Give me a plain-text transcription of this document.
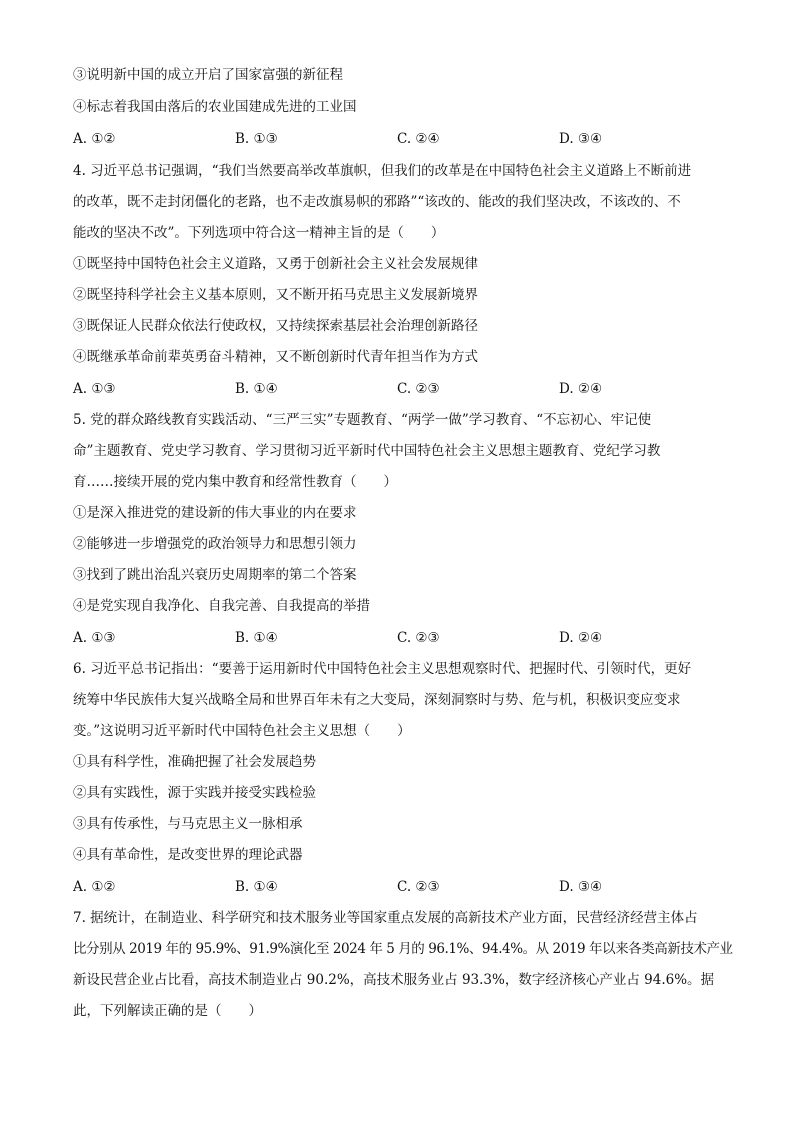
③说明新中国的成立开启了国家富强的新征程
④标志着我国由落后的农业国建成先进的工业国
A. ①②	B. ①③	C. ②④	D. ③④
4. 习近平总书记强调，“我们当然要高举改革旗帜，但我们的改革是在中国特色社会主义道路上不断前进
的改革，既不走封闭僵化的老路，也不走改旗易帜的邪路”“该改的、能改的我们坚决改，不该改的、不
能改的坚决不改”。下列选项中符合这一精神主旨的是（　　）
①既坚持中国特色社会主义道路，又勇于创新社会主义社会发展规律
②既坚持科学社会主义基本原则，又不断开拓马克思主义发展新境界
③既保证人民群众依法行使政权，又持续探索基层社会治理创新路径
④既继承革命前辈英勇奋斗精神，又不断创新时代青年担当作为方式
A. ①③	B. ①④	C. ②③	D. ②④
5. 党的群众路线教育实践活动、“三严三实”专题教育、“两学一做”学习教育、“不忘初心、牢记使
命”主题教育、党史学习教育、学习贯彻习近平新时代中国特色社会主义思想主题教育、党纪学习教
育……接续开展的党内集中教育和经常性教育（　　）
①是深入推进党的建设新的伟大事业的内在要求
②能够进一步增强党的政治领导力和思想引领力
③找到了跳出治乱兴衰历史周期率的第二个答案
④是党实现自我净化、自我完善、自我提高的举措
A. ①③	B. ①④	C. ②③	D. ②④
6. 习近平总书记指出：“要善于运用新时代中国特色社会主义思想观察时代、把握时代、引领时代，更好
统筹中华民族伟大复兴战略全局和世界百年未有之大变局，深刻洞察时与势、危与机，积极识变应变求
变。”这说明习近平新时代中国特色社会主义思想（　　）
①具有科学性，准确把握了社会发展趋势
②具有实践性，源于实践并接受实践检验
③具有传承性，与马克思主义一脉相承
④具有革命性，是改变世界的理论武器
A. ①②	B. ①④	C. ②③	D. ③④
7. 据统计，在制造业、科学研究和技术服务业等国家重点发展的高新技术产业方面，民营经济经营主体占
比分别从 2019 年的 95.9%、91.9%演化至 2024 年 5 月的 96.1%、94.4%。从 2019 年以来各类高新技术产业
新设民营企业占比看，高技术制造业占 90.2%，高技术服务业占 93.3%，数字经济核心产业占 94.6%。据
此，下列解读正确的是（　　）
